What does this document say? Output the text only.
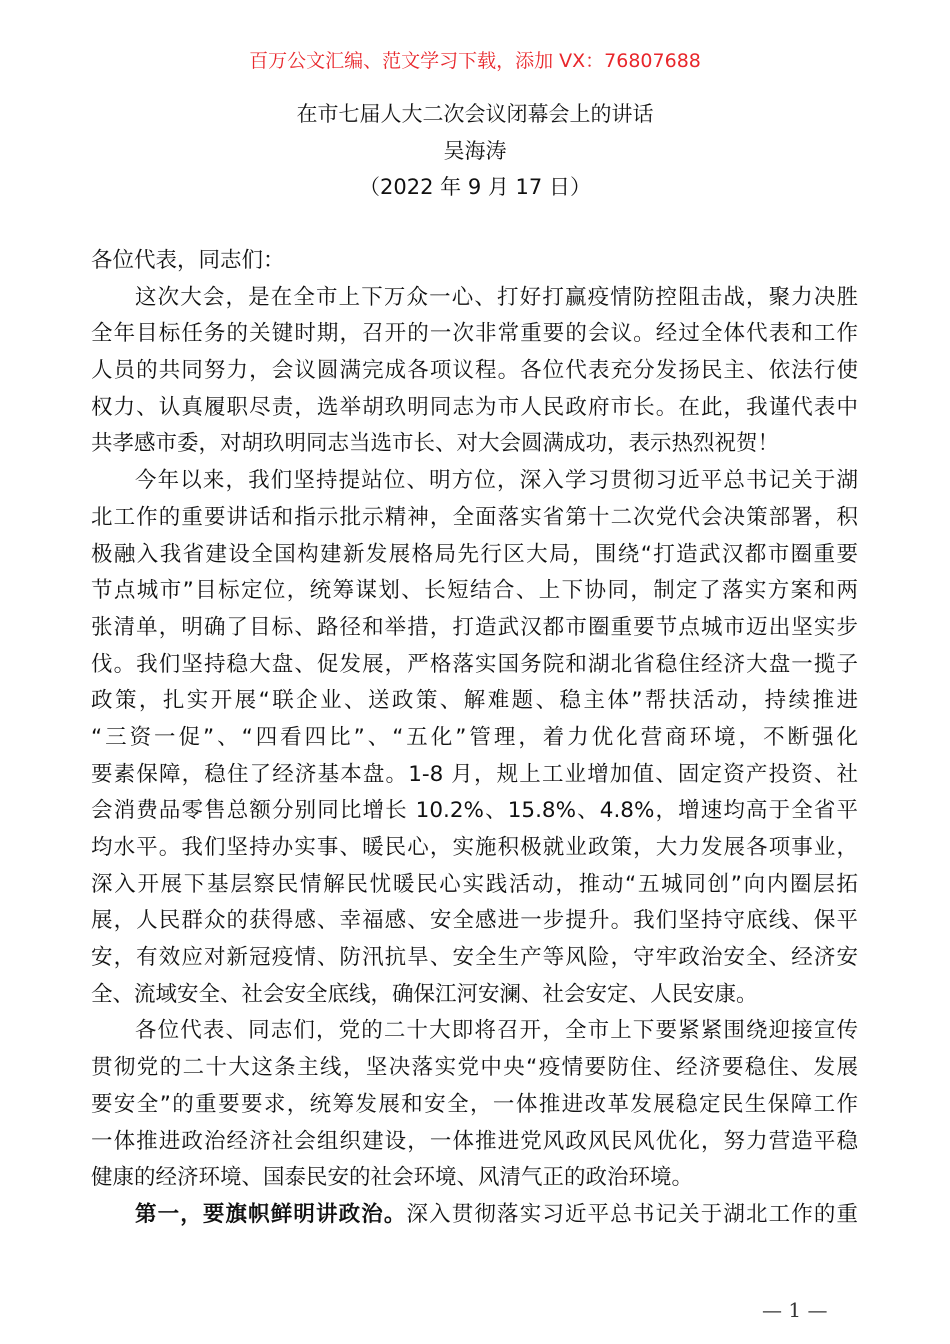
百万公文汇编、范文学习下载，添加 VX：76807688
在市七届人大二次会议闭幕会上的讲话
吴海涛
（2022 年 9 月 17 日）
各位代表，同志们：
这次大会，是在全市上下万众一心、打好打赢疫情防控阻击战，聚力决胜
全年目标任务的关键时期，召开的一次非常重要的会议。经过全体代表和工作
人员的共同努力，会议圆满完成各项议程。各位代表充分发扬民主、依法行使
权力、认真履职尽责，选举胡玖明同志为市人民政府市长。在此，我谨代表中
共孝感市委，对胡玖明同志当选市长、对大会圆满成功，表示热烈祝贺！
今年以来，我们坚持提站位、明方位，深入学习贯彻习近平总书记关于湖
北工作的重要讲话和指示批示精神，全面落实省第十二次党代会决策部署，积
极融入我省建设全国构建新发展格局先行区大局，围绕“打造武汉都市圈重要
节点城市”目标定位，统筹谋划、长短结合、上下协同，制定了落实方案和两
张清单，明确了目标、路径和举措，打造武汉都市圈重要节点城市迈出坚实步
伐。我们坚持稳大盘、促发展，严格落实国务院和湖北省稳住经济大盘一揽子
政策，扎实开展“联企业、送政策、解难题、稳主体”帮扶活动，持续推进
“三资一促”、“四看四比”、“五化”管理，着力优化营商环境，不断强化
要素保障，稳住了经济基本盘。1-8 月，规上工业增加值、固定资产投资、社
会消费品零售总额分别同比增长 10.2%、15.8%、4.8%，增速均高于全省平
均水平。我们坚持办实事、暖民心，实施积极就业政策，大力发展各项事业，
深入开展下基层察民情解民忧暖民心实践活动，推动“五城同创”向内圈层拓
展，人民群众的获得感、幸福感、安全感进一步提升。我们坚持守底线、保平
安，有效应对新冠疫情、防汛抗旱、安全生产等风险，守牢政治安全、经济安
全、流域安全、社会安全底线，确保江河安澜、社会安定、人民安康。
各位代表、同志们，党的二十大即将召开，全市上下要紧紧围绕迎接宣传
贯彻党的二十大这条主线，坚决落实党中央“疫情要防住、经济要稳住、发展
要安全”的重要要求，统筹发展和安全，一体推进改革发展稳定民生保障工作
一体推进政治经济社会组织建设，一体推进党风政风民风优化，努力营造平稳
健康的经济环境、国泰民安的社会环境、风清气正的政治环境。
第一，要旗帜鲜明讲政治。深入贯彻落实习近平总书记关于湖北工作的重
— 1 —
